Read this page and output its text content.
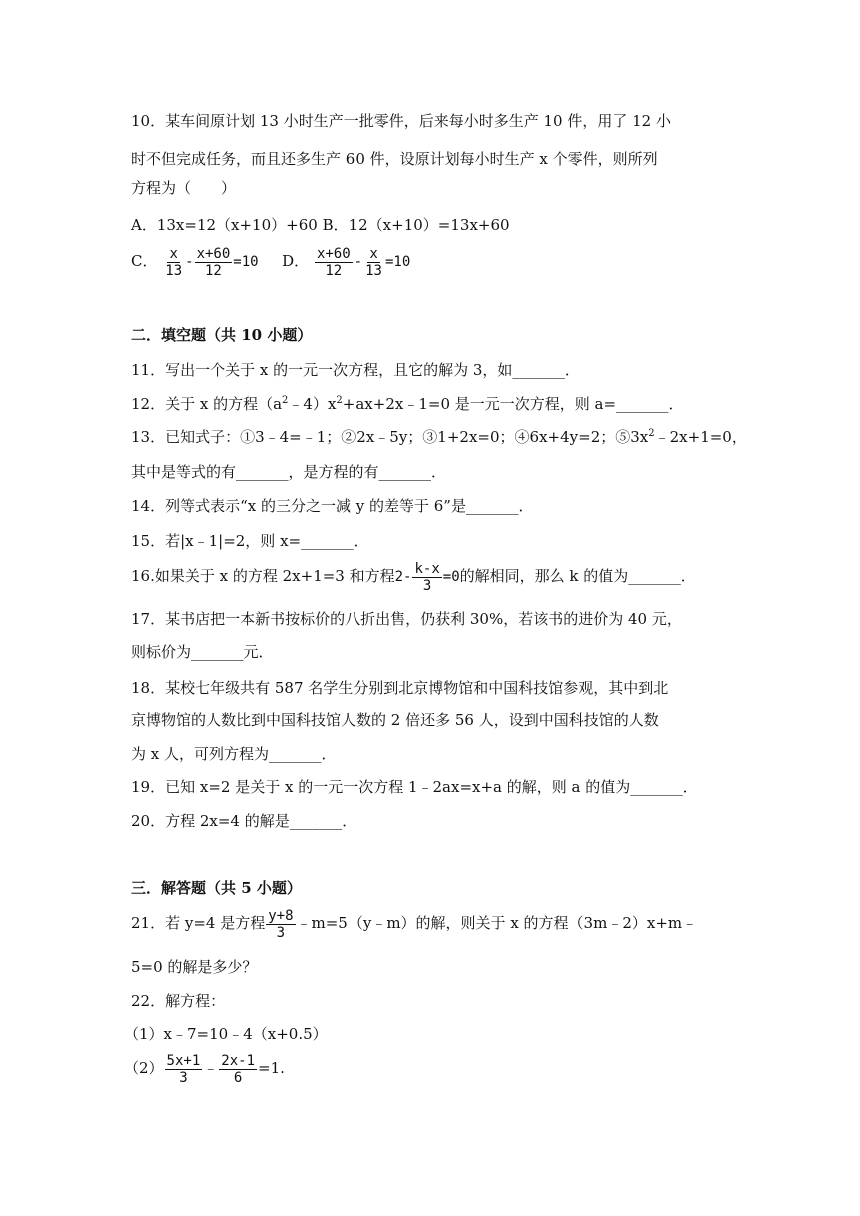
10．某车间原计划 13 小时生产一批零件，后来每小时多生产 10 件，用了 12 小
时不但完成任务，而且还多生产 60 件，设原计划每小时生产 x 个零件，则所列
方程为（　　）
A．13x=12（x+10）+60 B．12（x+10）=13x+60
C． $\frac{x}{13} - \frac{x+60}{12} =10$ D． $\frac{x+60}{12} - \frac{x}{13} =10$
二．填空题（共 10 小题）
11．写出一个关于 x 的一元一次方程，且它的解为 3，如_______．
12．关于 x 的方程$(a^2﹣4)x^2+ax+2x﹣1=0$ 是一元一次方程，则 a=_______．
13．已知式子：①3﹣4=﹣1；②2x﹣5y；③1+2x=0；④6x+4y=2；$⑤3x^2﹣2x+1=0$，
其中是等式的有_______，是方程的有_______．
14．列等式表示“x 的三分之一减 y 的差等于 6”是_______．
15．若|x﹣1|=2，则 x=_______．
16.如果关于 x 的方程 2x+1=3 和方程$2- \frac{k-x}{3} =0$的解相同，那么 k 的值为_______．
17．某书店把一本新书按标价的八折出售，仍获利 30%，若该书的进价为 40 元，
则标价为_______元．
18．某校七年级共有 587 名学生分别到北京博物馆和中国科技馆参观，其中到北
京博物馆的人数比到中国科技馆人数的 2 倍还多 56 人，设到中国科技馆的人数
为 x 人，可列方程为_______．
19．已知 x=2 是关于 x 的一元一次方程 1﹣2ax=x+a 的解，则 a 的值为_______．
20．方程 2x=4 的解是_______．
三．解答题（共 5 小题）
21．若 y=4 是方程 $\frac{y+8}{3}$ ﹣m=5（y﹣m）的解，则关于 x 的方程（3m﹣2）x+m﹣
5=0 的解是多少？
22．解方程：
（1）x﹣7=10﹣4（x+0.5）
$(2) \frac{5x+1}{3}$ ﹣ $\frac{2x-1}{6} =1$.
